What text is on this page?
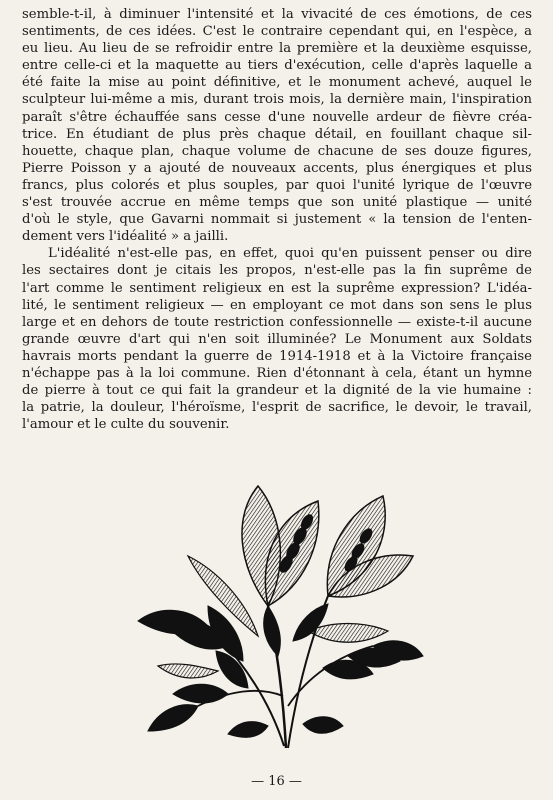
semble-t-il, à diminuer l'intensité et la vivacité de ces émotions, de ces
sentiments, de ces idées. C'est le contraire cependant qui, en l'espèce, a
eu lieu. Au lieu de se refroidir entre la première et la deuxième esquisse,
entre celle-ci et la maquette au tiers d'exécution, celle d'après laquelle a
été faite la mise au point définitive, et le monument achevé, auquel le
sculpteur lui-même a mis, durant trois mois, la dernière main, l'inspiration
paraît s'être échauffée sans cesse d'une nouvelle ardeur de fièvre créa-
trice. En étudiant de plus près chaque détail, en fouillant chaque sil-
houette, chaque plan, chaque volume de chacune de ses douze figures,
Pierre Poisson y a ajouté de nouveaux accents, plus énergiques et plus
francs, plus colorés et plus souples, par quoi l'unité lyrique de l'œuvre
s'est trouvée accrue en même temps que son unité plastique — unité
d'où le style, que Gavarni nommait si justement « la tension de l'enten-
dement vers l'idéalité » a jailli.
L'idéalité n'est-elle pas, en effet, quoi qu'en puissent penser ou dire
les sectaires dont je citais les propos, n'est-elle pas la fin suprême de
l'art comme le sentiment religieux en est la suprême expression? L'idéa-
lité, le sentiment religieux — en employant ce mot dans son sens le plus
large et en dehors de toute restriction confessionnelle — existe-t-il aucune
grande œuvre d'art qui n'en soit illuminée? Le Monument aux Soldats
havrais morts pendant la guerre de 1914-1918 et à la Victoire française
n'échappe pas à la loi commune. Rien d'étonnant à cela, étant un hymne
de pierre à tout ce qui fait la grandeur et la dignité de la vie humaine :
la patrie, la douleur, l'héroïsme, l'esprit de sacrifice, le devoir, le travail,
l'amour et le culte du souvenir.
— 16 —
